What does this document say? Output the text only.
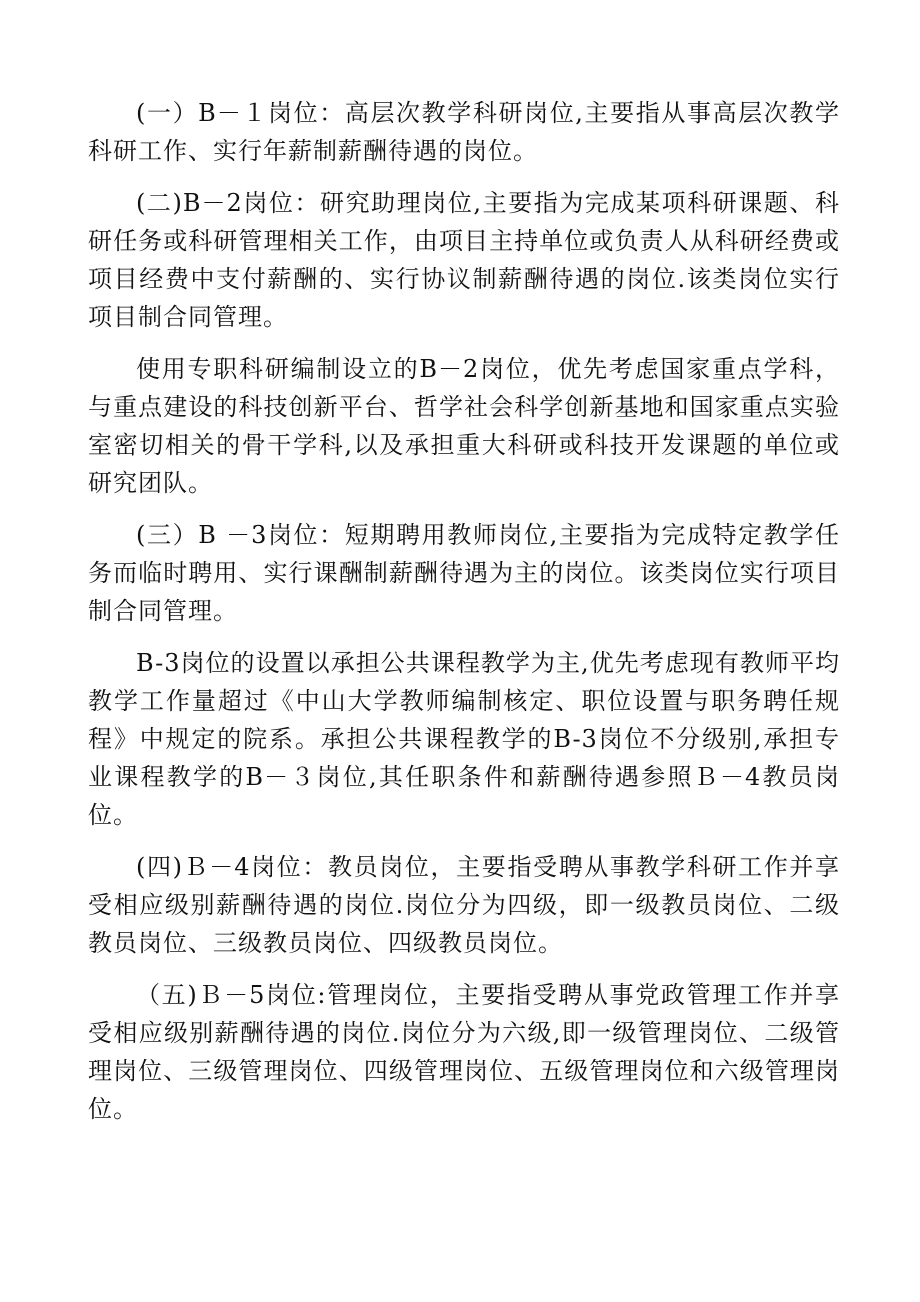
(一）B－１岗位：高层次教学科研岗位,主要指从事高层次教学科研工作、实行年薪制薪酬待遇的岗位。

(二)B－2岗位：研究助理岗位,主要指为完成某项科研课题、科研任务或科研管理相关工作，由项目主持单位或负责人从科研经费或项目经费中支付薪酬的、实行协议制薪酬待遇的岗位.该类岗位实行项目制合同管理。

使用专职科研编制设立的B－2岗位，优先考虑国家重点学科，与重点建设的科技创新平台、哲学社会科学创新基地和国家重点实验室密切相关的骨干学科,以及承担重大科研或科技开发课题的单位或研究团队。

(三）B －3岗位：短期聘用教师岗位,主要指为完成特定教学任务而临时聘用、实行课酬制薪酬待遇为主的岗位。该类岗位实行项目制合同管理。

B-3岗位的设置以承担公共课程教学为主,优先考虑现有教师平均教学工作量超过《中山大学教师编制核定、职位设置与职务聘任规程》中规定的院系。承担公共课程教学的B-3岗位不分级别,承担专业课程教学的B－３岗位,其任职条件和薪酬待遇参照Ｂ－4教员岗位。

(四)Ｂ－4岗位：教员岗位，主要指受聘从事教学科研工作并享受相应级别薪酬待遇的岗位.岗位分为四级，即一级教员岗位、二级教员岗位、三级教员岗位、四级教员岗位。

（五)Ｂ－5岗位:管理岗位，主要指受聘从事党政管理工作并享受相应级别薪酬待遇的岗位.岗位分为六级,即一级管理岗位、二级管理岗位、三级管理岗位、四级管理岗位、五级管理岗位和六级管理岗位。
